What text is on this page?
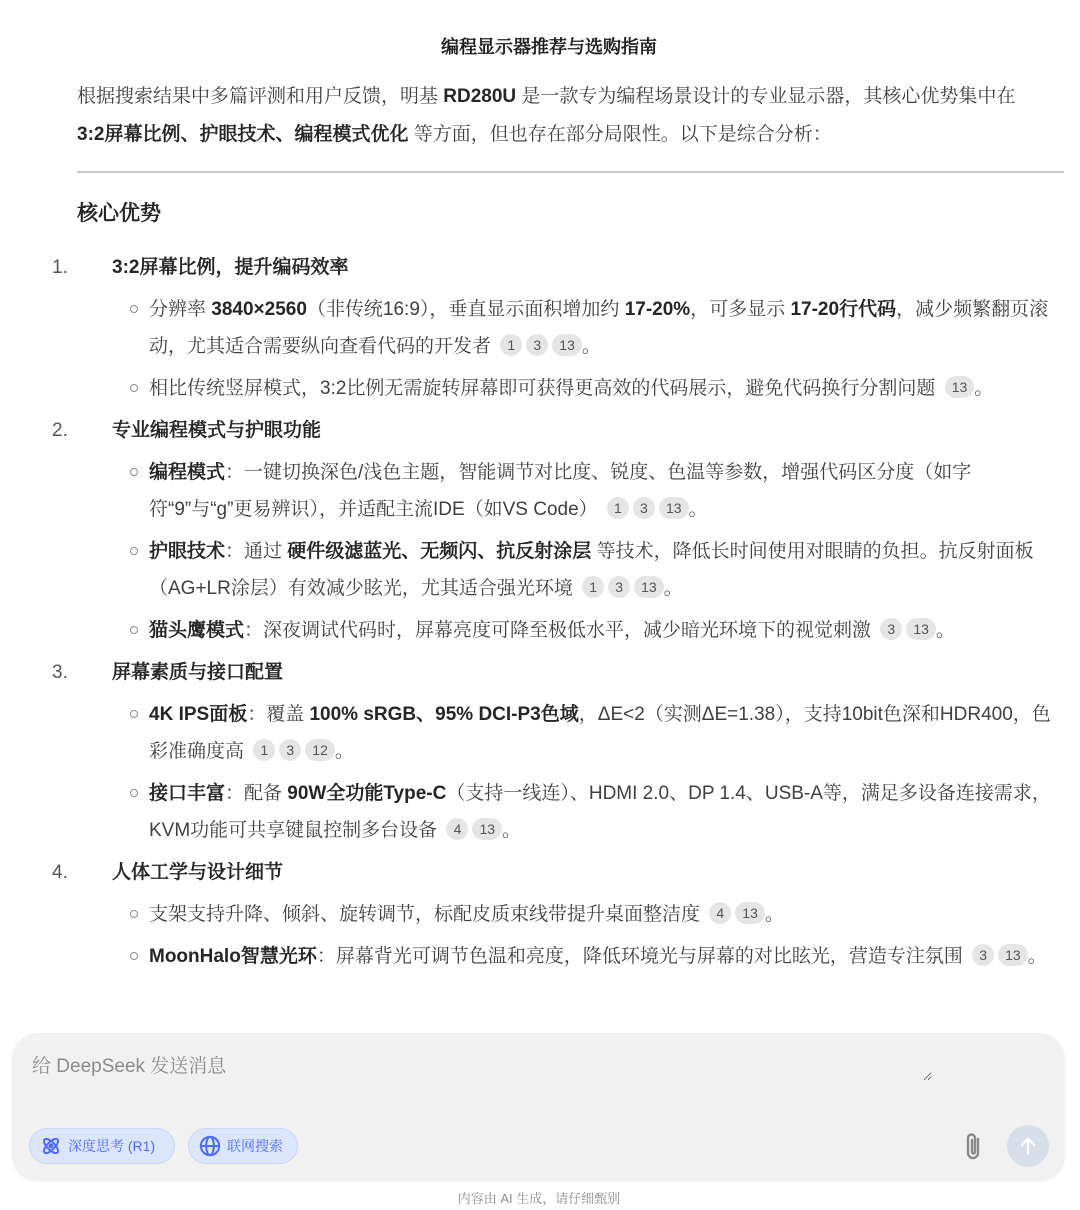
编程显示器推荐与选购指南

根据搜索结果中多篇评测和用户反馈，明基 RD280U 是一款专为编程场景设计的专业显示器，其核心优势集中在
3:2屏幕比例、护眼技术、编程模式优化 等方面，但也存在部分局限性。以下是综合分析：

核心优势
1. 3:2屏幕比例，提升编码效率
分辨率 3840×2560（非传统16:9），垂直显示面积增加约 17-20%，可多显示 17-20行代码，减少频繁翻页滚动，尤其适合需要纵向查看代码的开发者 1 3 13 。
相比传统竖屏模式，3:2比例无需旋转屏幕即可获得更高效的代码展示，避免代码换行分割问题 13 。
2. 专业编程模式与护眼功能
编程模式：一键切换深色/浅色主题，智能调节对比度、锐度、色温等参数，增强代码区分度（如字符“9”与“g”更易辨识），并适配主流IDE（如VS Code） 1 3 13 。
护眼技术：通过 硬件级滤蓝光、无频闪、抗反射涂层 等技术，降低长时间使用对眼睛的负担。抗反射面板（AG+LR涂层）有效减少眩光，尤其适合强光环境 1 3 13 。
猫头鹰模式：深夜调试代码时，屏幕亮度可降至极低水平，减少暗光环境下的视觉刺激 3 13 。
3. 屏幕素质与接口配置
4K IPS面板：覆盖 100% sRGB、95% DCI-P3色域，ΔE<2（实测ΔE=1.38），支持10bit色深和HDR400，色彩准确度高 1 3 12 。
接口丰富：配备 90W全功能Type-C（支持一线连）、HDMI 2.0、DP 1.4、USB-A等，满足多设备连接需求，KVM功能可共享键鼠控制多台设备 4 13 。
4. 人体工学与设计细节
支架支持升降、倾斜、旋转调节，标配皮质束线带提升桌面整洁度 4 13 。
MoonHalo智慧光环：屏幕背光可调节色温和亮度，降低环境光与屏幕的对比眩光，营造专注氛围 3 13 。
给 DeepSeek 发送消息
深度思考 (R1)	联网搜索
内容由 AI 生成，请仔细甄别
